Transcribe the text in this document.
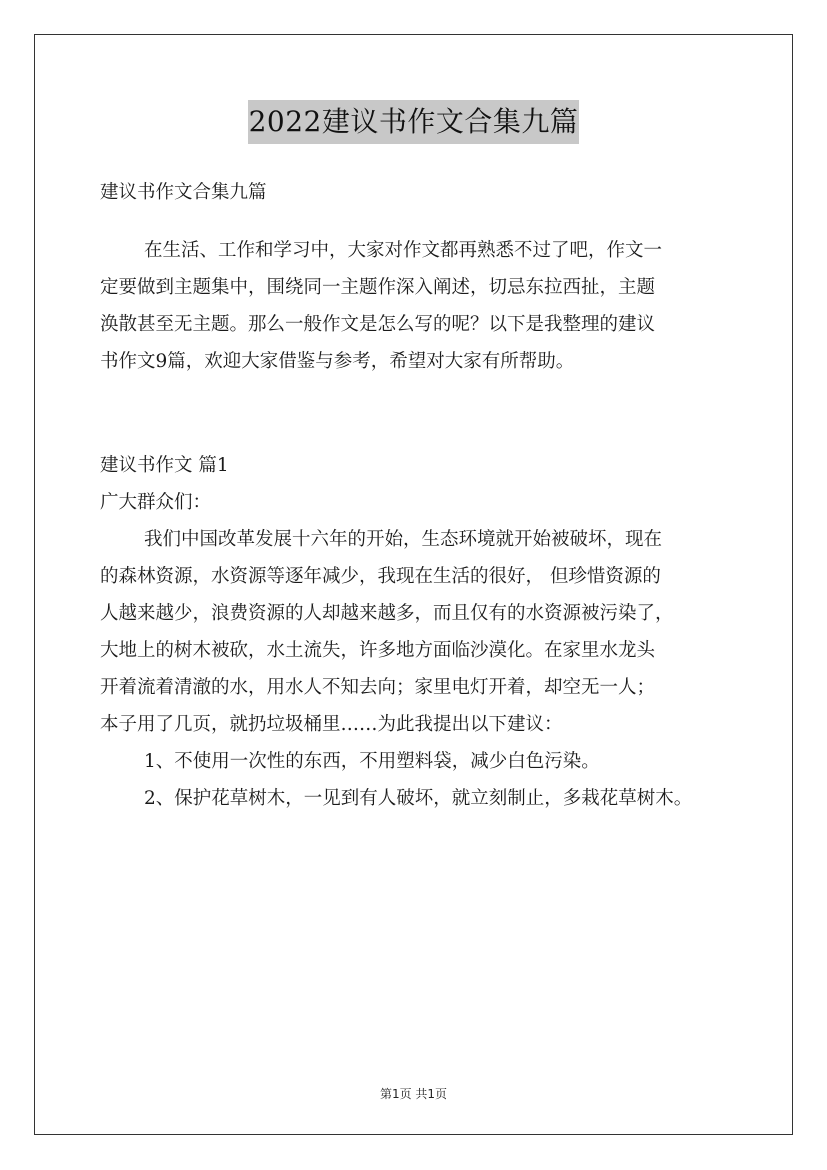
2022建议书作文合集九篇
建议书作文合集九篇
在生活、工作和学习中，大家对作文都再熟悉不过了吧，作文一
定要做到主题集中，围绕同一主题作深入阐述，切忌东拉西扯，主题
涣散甚至无主题。那么一般作文是怎么写的呢？以下是我整理的建议
书作文9篇，欢迎大家借鉴与参考，希望对大家有所帮助。
建议书作文 篇1
广大群众们：
我们中国改革发展十六年的开始，生态环境就开始被破坏，现在
的森林资源，水资源等逐年减少，我现在生活的很好， 但珍惜资源的
人越来越少，浪费资源的人却越来越多，而且仅有的水资源被污染了，
大地上的树木被砍，水土流失，许多地方面临沙漠化。在家里水龙头
开着流着清澈的水，用水人不知去向；家里电灯开着，却空无一人；
本子用了几页，就扔垃圾桶里……为此我提出以下建议：
1、不使用一次性的东西，不用塑料袋，减少白色污染。
2、保护花草树木，一见到有人破坏，就立刻制止，多栽花草树木。
第1页 共1页
